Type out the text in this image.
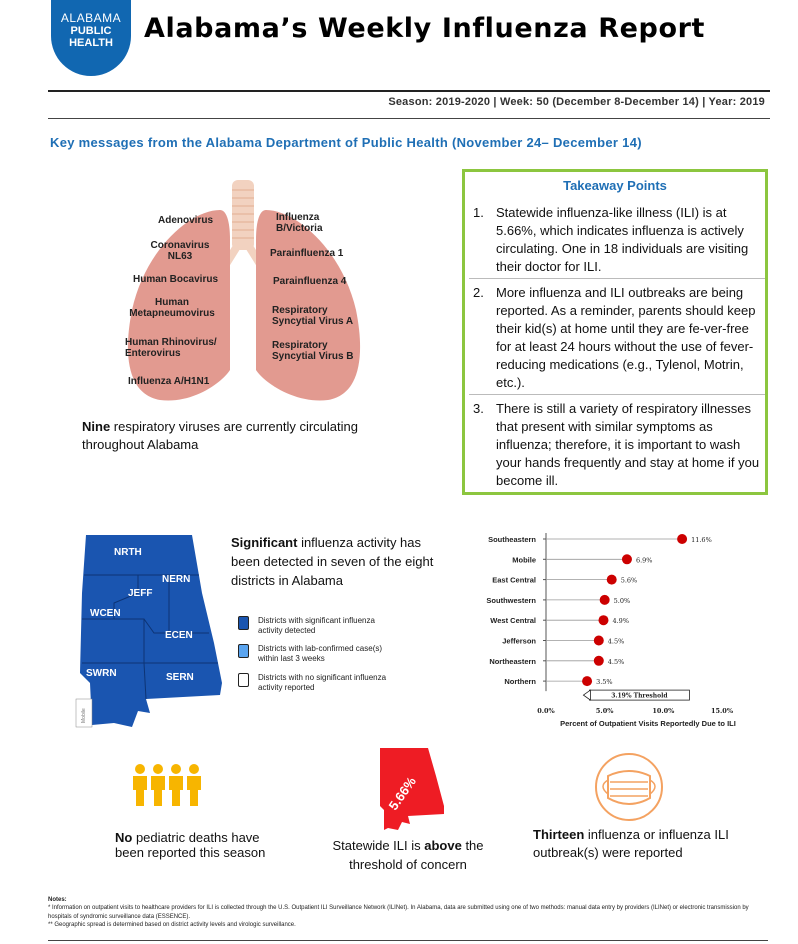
ALABAMA
PUBLIC
HEALTH	Alabama’s Weekly Influenza Report
Season: 2019-2020 | Week: 50 (December 8-December 14) | Year: 2019
Key messages from the Alabama Department of Public Health (November 24– December 14)
Adenovirus
Coronavirus NL63
Human Bocavirus
Human Metapneumovirus
Human Rhinovirus/ Enterovirus
Influenza A/H1N1
Influenza B/Victoria
Parainfluenza 1
Parainfluenza 4
Respiratory Syncytial Virus A
Respiratory Syncytial Virus B
Nine respiratory viruses are currently circulating throughout Alabama
Takeaway Points
1. Statewide influenza-like illness (ILI) is at 5.66%, which indicates influenza is actively circulating. One in 18 individuals are visiting their doctor for ILI.
2. More influenza and ILI outbreaks are being reported. As a reminder, parents should keep their kid(s) at home until they are fe-ver-free for at least 24 hours without the use of fever-reducing medications (e.g., Tylenol, Motrin, etc.).
3. There is still a variety of respiratory illnesses that present with similar symptoms as influenza; therefore, it is important to wash your hands frequently and stay at home if you become ill.
NRTH
NERN
JEFF
WCEN
ECEN
SWRN	SERN
Mobile
Significant influenza activity has been detected in seven of the eight districts in Alabama
Districts with significant influenza activity detected
Districts with lab-confirmed case(s) within last 3 weeks
Districts with no significant influenza activity reported
Southeastern	11.6%
Mobile	6.9%
East Central	5.6%
Southwestern	5.0%
West Central	4.9%
Jefferson	4.5%
Northeastern	4.5%
Northern	3.5%
3.19% Threshold
0.0%	5.0%	10.0%	15.0%
Percent of Outpatient Visits Reportedly Due to ILI
No pediatric deaths have been reported this season
5.66%
Statewide ILI is above the threshold of concern
Thirteen influenza or influenza ILI outbreak(s) were reported
Notes:
* Information on outpatient visits to healthcare providers for ILI is collected through the U.S. Outpatient ILI Surveillance Network (ILINet). In Alabama, data are submitted using one of two methods: manual data entry by providers (ILINet) or electronic transmission by hospitals of syndromic surveillance data (ESSENCE).
** Geographic spread is determined based on district activity levels and virologic surveillance.
